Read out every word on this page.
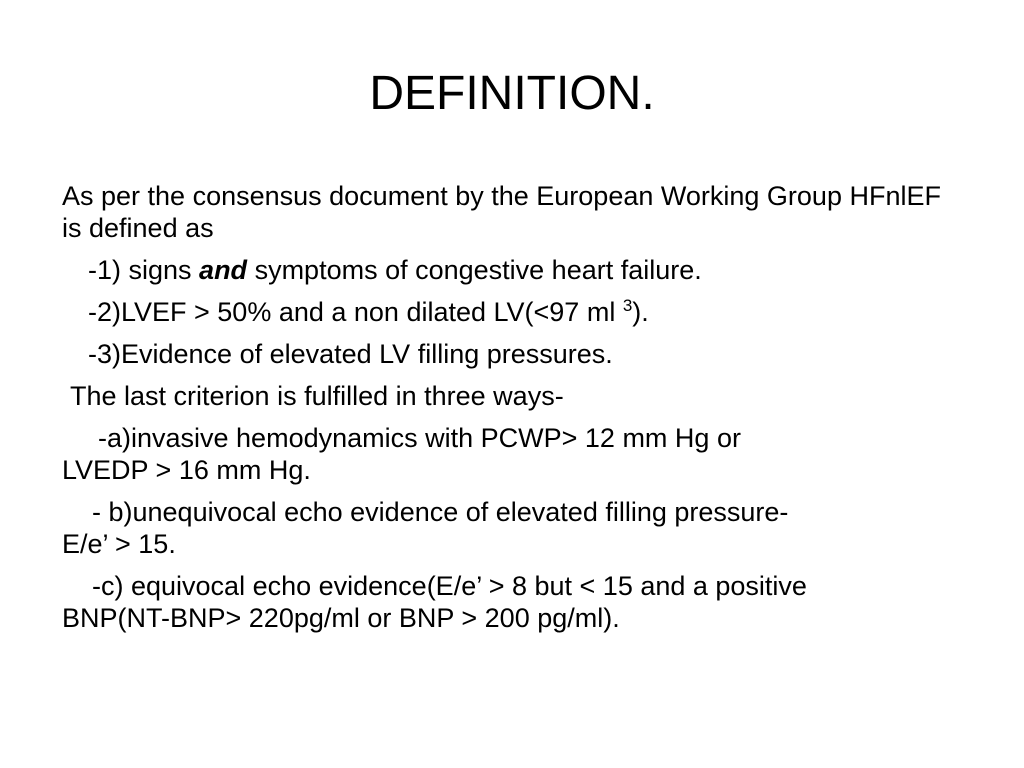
DEFINITION.
As per the consensus document by the European Working Group HFnlEF is defined as
-1) signs and symptoms of congestive heart failure.
-2)LVEF > 50% and a non dilated LV(<97 ml $^3$).
-3)Evidence of elevated LV filling pressures.
The last criterion is fulfilled in three ways-
-a)invasive hemodynamics with PCWP> 12 mm Hg or
LVEDP > 16 mm Hg.
- b)unequivocal echo evidence of elevated filling pressure-
E/e’ > 15.
-c) equivocal echo evidence(E/e’ > 8 but < 15 and a positive
BNP(NT-BNP> 220pg/ml or BNP > 200 pg/ml).
